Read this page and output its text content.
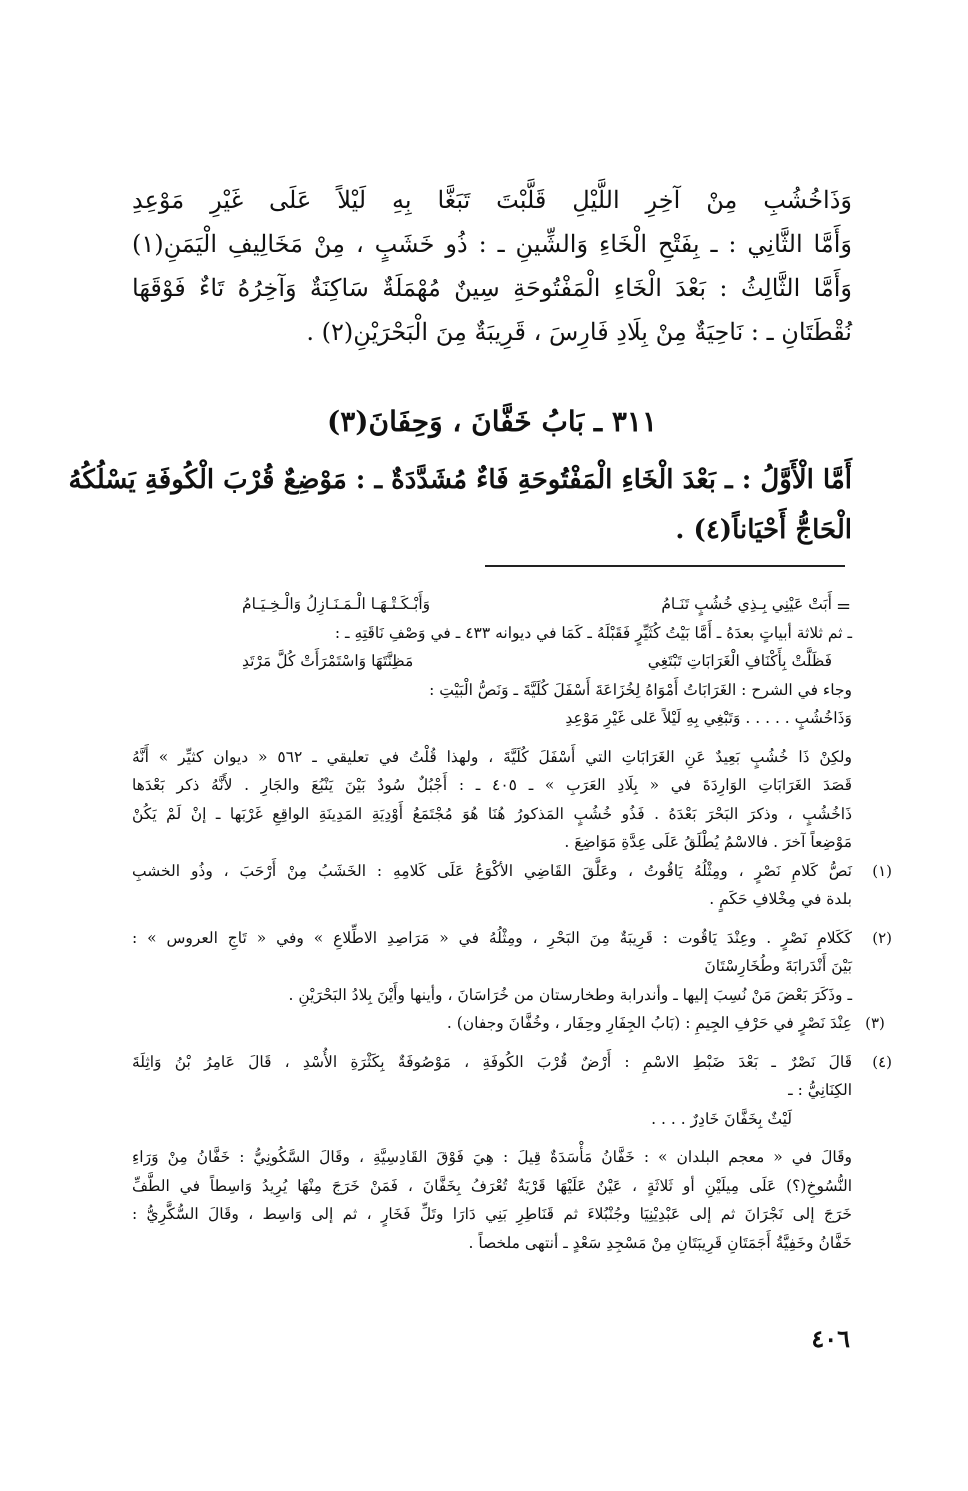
وَذَاخُشُبِ مِنْ آخِرِ اللَّيْلِ قَلَّبْتَ تَبَغَّا بِهِ لَيْلاً عَلَى غَيْرِ مَوْعِدِ
وَأَمَّا الثَّانِي : ـ بِفَتْحِ الْخَاءِ وَالشِّينِ ـ : ذُو خَشَبٍ ، مِنْ مَخَالِيفِ الْيَمَنِ(١)
وَأَمَّا الثَّالِثُ : بَعْدَ الْخَاءِ الْمَفْتُوحَةِ سِينٌ مُهْمَلَةٌ سَاكِنَةٌ وَآخِرُهُ تَاءٌ فَوْقَهَا
نُقْطَتَانِ ـ : نَاحِيَةٌ مِنْ بِلَادِ فَارِسَ ، قَرِيبَةٌ مِنَ الْبَحْرَيْنِ(٢) .
٣١١ ـ بَابُ خَفَّانَ ، وَحِفَانَ(٣)
أَمَّا الْأَوَّلُ : ـ بَعْدَ الْخَاءِ الْمَفْتُوحَةِ فَاءٌ مُشَدَّدَةٌ ـ : مَوْضِعٌ قُرْبَ الْكُوفَةِ يَسْلُكُهُ
الْحَاجُّ أَحْيَاناً(٤) .
=
أَبَتْ عَيْنِي بِـذِي خُشُبٍ تَنَـامُ
وَأَبْـكَـتْـهَـا الْـمَـنَـازِلُ وَالْـخِـيَـامُ
ـ ثم ثلاثة أبياتٍ بعدَهُ ـ أَمَّا بَيْتُ كُثَيِّرٍ فَقَبْلَهُ ـ كَمَا في ديوانه ٤٣٣ ـ في وَصْفِ نَاقَتِهِ ـ :
فَظَلَّتْ بِأَكْنَافِ الْغَرَابَاتِ تَبْتَغِي
مَظِنَّتَهَا وَاسْتَمْرَأَتْ كُلَّ مَرْتَدِ
وجاء في الشرح : الغَرَابَاتُ أَمْوَاهُ لِخُزَاعَةَ أَسْفَلَ كُلَيَّةَ ـ وَنَصُّ الْبَيْتِ :
وَذَاخُشُبٍ . . . . . وَتَبْغِي بِهِ لَيْلاً عَلى غَيْرِ مَوْعِدِ
ولكِنْ ذَا خُشُبٍ بَعِيدٌ عَنِ الغَرَابَاتِ التي أَسْفَلَ كُلَيَّةَ ، ولهذا قُلْتُ في تعليقي ـ ٥٦٢ « ديوان كثيِّر » أَنَّهُ
قَصَدَ الغَرَابَاتِ الوَارِدَةَ في « بِلَادِ العَرَبِ » ـ ٤٠٥ ـ : أَجْبُلٌ سُودٌ بَيْنَ يَنْبُعَ والجَارِ . لأَنَّهُ ذكر بَعْدَها
ذَاخُشُبٍ ، وذكرَ البَحْرَ بَعْدَهُ . فَذُو خُشُبٍ المَذكورُ هُنَا هُوَ مُجْتَمَعُ أَوْدِيَةِ المَدِينَةِ الواقِعِ غَرْبَها ـ إنْ لَمْ يَكُنْ
مَوْضِعاً آخرَ . فالاسْمُ يُطْلَقُ عَلَى عِدَّةِ مَوَاضِعَ .
(١)
نَصُّ كَلامِ نَصْرٍ ، ومِثْلُهُ يَاقُوتُ ، وعَلَّقَ القَاضِي الأكْوَعُ عَلَى كَلامِهِ : الخَشَبُ مِنْ أَرْحَبَ ، وذُو الخشبِ
بلدة في مِخْلافِ حَكَمٍ .
(٢)
كَكَلامِ نَصْرٍ . وعِنْدَ يَاقُوت : قَرِيبَةٌ مِنَ البَحْرِ ، ومِثْلُهُ في « مَرَاصِدِ الاطِّلاعِ » وفي « تَاجِ العروس » :
بَيْنَ أَنْدَرابَةَ وطُخَارِسْتَانَ
ـ وذَكَرَ بَعْضَ مَنْ نُسِبَ إليها ـ وأندرابة وطخارستان من خُرَاسَانَ ، وأينها وأَيْنَ بِلادُ البَحْرَيْنِ .
(٣)
عِنْدَ نَصْرٍ في حَرْفِ الجِيمِ : (بَابُ الجِفَارِ وحِفَار ، وخُفَّانَ وجفان) .
(٤)
قَالَ نَصْرٌ ـ بَعْدَ ضَبْطِ الاسْمِ : أَرْضٌ قُرْبَ الكُوفَةِ ، مَوْصُوفَةٌ بِكَثْرَةِ الأُسْدِ ، قَالَ عَامِرُ بْنُ وَاثِلَةَ
الكِنَانِيُّ : ـ
لَيْثٌ بِخَفَّانَ خَادِرٌ . . . .
وقَالَ في « معجم البلدان » : خَفَّانُ مَأْسَدَةٌ قِيلَ : هِيَ فَوْقَ القَادِسِيَّةِ ، وقَالَ السَّكُونِيُّ : خَفَّانُ مِنْ وَرَاءِ
النُّسُوخِ(؟) عَلَى مِيلَيْنِ أو ثَلاثَةٍ ، عَيْنٌ عَلَيْهَا قَرْيَةٌ تُعْرَفُ بِخَفَّانَ ، فَمَنْ خَرَجَ مِنْهَا يُرِيدُ وَاسِطاً في الطَّفِّ
خَرَجَ إلى نَجْرَانَ ثم إلى عَبْدِيْنِيَا وجُنْبُلاءَ ثم قَنَاطِرِ بَنِي دَارَا وتَلِّ فَخَارٍ ، ثم إلى وَاسِط ، وقَالَ السُّكَّرِيُّ :
خَفَّانُ وخَفِيَّةُ أَجَمَتَانِ قَرِيبَتَانِ مِنْ مَسْجِدِ سَعْدٍ ـ أنتهى ملخصاً .
٤٠٦
